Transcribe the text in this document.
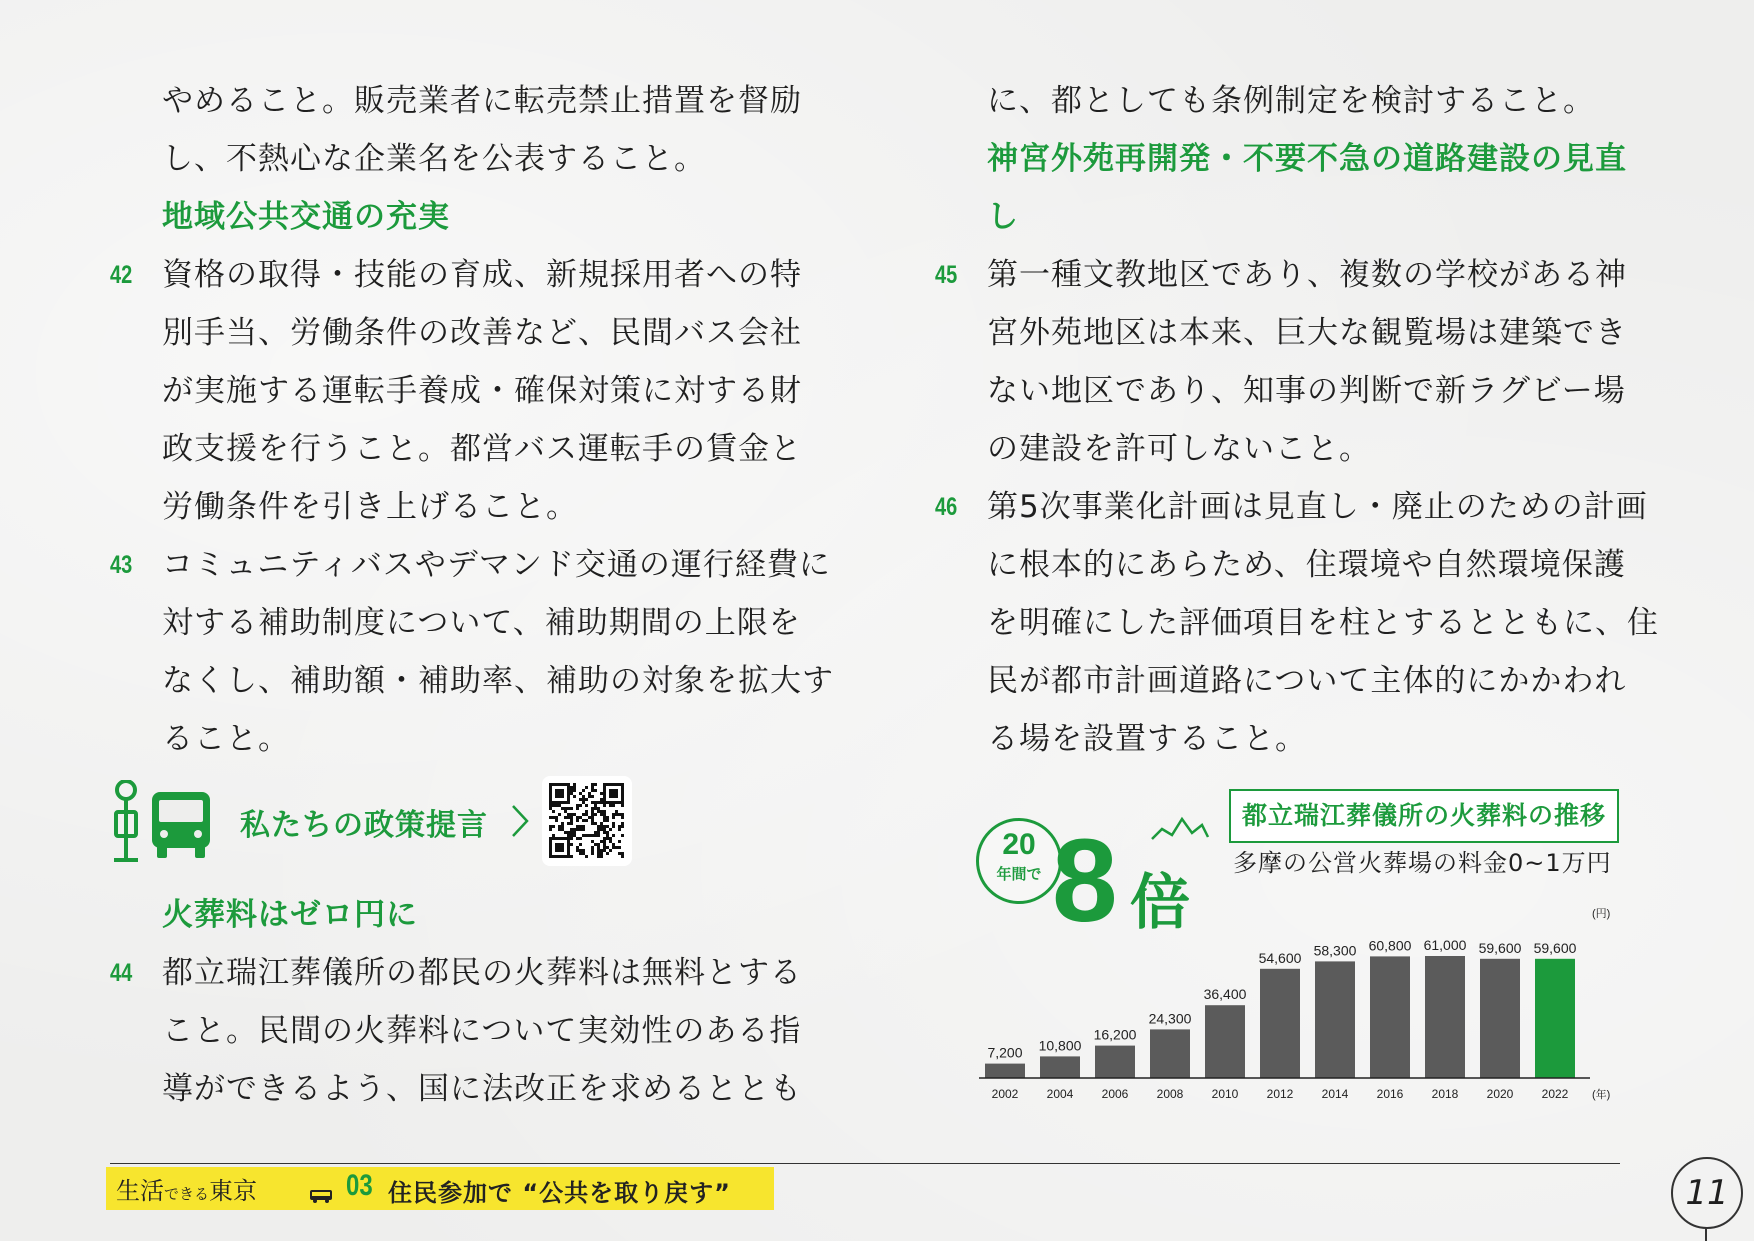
やめること。販売業者に転売禁止措置を督励
し、不熱心な企業名を公表すること。
地域公共交通の充実
42 資格の取得・技能の育成、新規採用者への特
別手当、労働条件の改善など、民間バス会社
が実施する運転手養成・確保対策に対する財
政支援を行うこと。都営バス運転手の賃金と
労働条件を引き上げること。
43 コミュニティバスやデマンド交通の運行経費に
対する補助制度について、補助期間の上限を
なくし、補助額・補助率、補助の対象を拡大す
ること。
私たちの政策提言
火葬料はゼロ円に
44 都立瑞江葬儀所の都民の火葬料は無料とする
こと。民間の火葬料について実効性のある指
導ができるよう、国に法改正を求めるととも
に、都としても条例制定を検討すること。
神宮外苑再開発・不要不急の道路建設の見直
し
45 第一種文教地区であり、複数の学校がある神
宮外苑地区は本来、巨大な観覧場は建築でき
ない地区であり、知事の判断で新ラグビー場
の建設を許可しないこと。
46 第5次事業化計画は見直し・廃止のための計画
に根本的にあらため、住環境や自然環境保護
を明確にした評価項目を柱とするとともに、住
民が都市計画道路について主体的にかかわれ
る場を設置すること。
都立瑞江葬儀所の火葬料の推移
多摩の公営火葬場の料金0~1万円
20
年間で 8 倍
7,200
2002
10,800
2004
16,200
2006
24,300
2008
36,400
2010
54,600
2012
58,300
2014
60,800
2016
61,000
2018
59,600
2020
59,600
2022
(円)
(年)
生活できる東京	03 住民参加で “公共を取り戻す”	11
